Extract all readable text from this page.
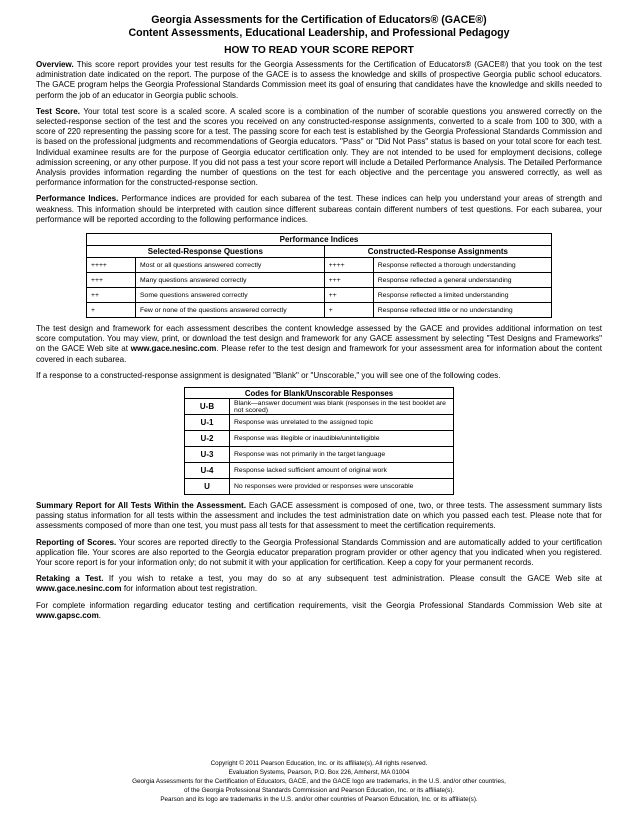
Georgia Assessments for the Certification of Educators® (GACE®)
Content Assessments, Educational Leadership, and Professional Pedagogy
HOW TO READ YOUR SCORE REPORT

Overview. This score report provides your test results for the Georgia Assessments for the Certification of Educators® (GACE®) that you took on the test administration date indicated on the report. The purpose of the GACE is to assess the knowledge and skills of prospective Georgia public school educators. The GACE program helps the Georgia Professional Standards Commission meet its goal of ensuring that candidates have the knowledge and skills needed to perform the job of an educator in Georgia public schools.

Test Score. Your total test score is a scaled score. A scaled score is a combination of the number of scorable questions you answered correctly on the selected-response section of the test and the scores you received on any constructed-response assignments, converted to a scale from 100 to 300, with a score of 220 representing the passing score for a test. The passing score for each test is established by the Georgia Professional Standards Commission and is based on the professional judgments and recommendations of Georgia educators. "Pass" or "Did Not Pass" status is based on your total score for each test. Individual examinee results are for the purpose of Georgia educator certification only. They are not intended to be used for employment decisions, college admission screening, or any other purpose. If you did not pass a test your score report will include a Detailed Performance Analysis. The Detailed Performance Analysis provides information regarding the number of questions on the test for each objective and the percentage you answered correctly, as well as performance information for the constructed-response section.

Performance Indices. Performance indices are provided for each subarea of the test. These indices can help you understand your areas of strength and weakness. This information should be interpreted with caution since different subareas contain different numbers of test questions. For each subarea, your performance will be reported according to the following performance indices.

Performance Indices			
Selected-Response Questions		Constructed-Response Assignments	
++++	Most or all questions answered correctly	++++	Response reflected a thorough understanding
+++	Many questions answered correctly	+++	Response reflected a general understanding
++	Some questions answered correctly	++	Response reflected a limited understanding
+	Few or none of the questions answered correctly	+	Response reflected little or no understanding

The test design and framework for each assessment describes the content knowledge assessed by the GACE and provides additional information on test score computation. You may view, print, or download the test design and framework for any GACE assessment by selecting "Test Designs and Frameworks" on the GACE Web site at www.gace.nesinc.com. Please refer to the test design and framework for your assessment area for information about the content covered in each subarea.

If a response to a constructed-response assignment is designated "Blank" or "Unscorable," you will see one of the following codes.

Codes for Blank/Unscorable Responses	
U-B	Blank—answer document was blank (responses in the test booklet are not scored)
U-1	Response was unrelated to the assigned topic
U-2	Response was illegible or inaudible/unintelligible
U-3	Response was not primarily in the target language
U-4	Response lacked sufficient amount of original work
U	No responses were provided or responses were unscorable

Summary Report for All Tests Within the Assessment. Each GACE assessment is composed of one, two, or three tests. The assessment summary lists passing status information for all tests within the assessment and includes the test administration date on which you passed each test. Please note that for assessments composed of more than one test, you must pass all tests for that assessment to meet the certification requirements.

Reporting of Scores. Your scores are reported directly to the Georgia Professional Standards Commission and are automatically added to your certification application file. Your scores are also reported to the Georgia educator preparation program provider or other agency that you indicated when you registered. Your score report is for your information only; do not submit it with your application for certification. Keep a copy for your permanent records.

Retaking a Test. If you wish to retake a test, you may do so at any subsequent test administration. Please consult the GACE Web site at www.gace.nesinc.com for information about test registration.

For complete information regarding educator testing and certification requirements, visit the Georgia Professional Standards Commission Web site at www.gapsc.com.

Copyright © 2011 Pearson Education, Inc. or its affiliate(s). All rights reserved.
Evaluation Systems, Pearson, P.O. Box 226, Amherst, MA 01004
Georgia Assessments for the Certification of Educators, GACE, and the GACE logo are trademarks, in the U.S. and/or other countries,
of the Georgia Professional Standards Commission and Pearson Education, Inc. or its affiliate(s).
Pearson and its logo are trademarks in the U.S. and/or other countries of Pearson Education, Inc. or its affiliate(s).
